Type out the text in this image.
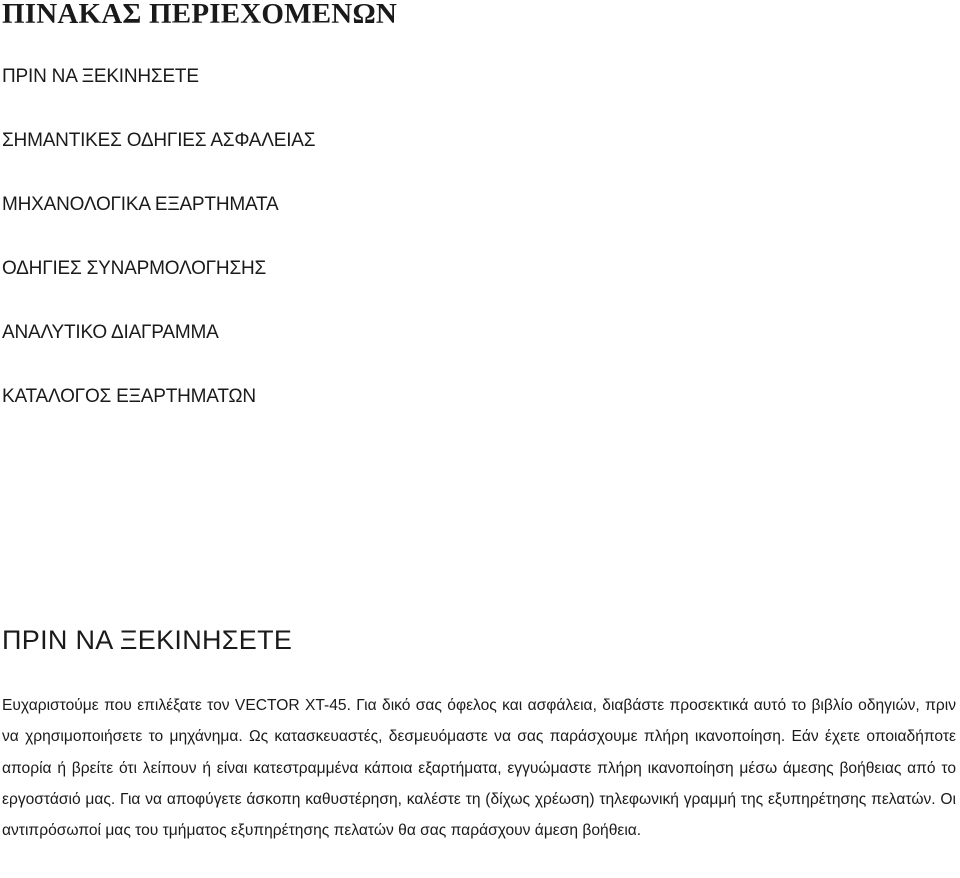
ΠΙΝΑΚΑΣ ΠΕΡΙΕΧΟΜΕΝΩΝ
ΠΡΙΝ ΝΑ ΞΕΚΙΝΗΣΕΤΕ
ΣΗΜΑΝΤΙΚΕΣ ΟΔΗΓΙΕΣ ΑΣΦΑΛΕΙΑΣ
ΜΗΧΑΝΟΛΟΓΙΚΑ ΕΞΑΡΤΗΜΑΤΑ
ΟΔΗΓΙΕΣ ΣΥΝΑΡΜΟΛΟΓΗΣΗΣ
ΑΝΑΛΥΤΙΚΟ ΔΙΑΓΡΑΜΜΑ
ΚΑΤΑΛΟΓΟΣ ΕΞΑΡΤΗΜΑΤΩΝ
ΠΡΙΝ ΝΑ ΞΕΚΙΝΗΣΕΤΕ

Ευχαριστούμε που επιλέξατε τον VECTOR XT-45. Για δικό σας όφελος και ασφάλεια, διαβάστε προσεκτικά αυτό το βιβλίο οδηγιών, πριν να χρησιμοποιήσετε το μηχάνημα. Ως κατασκευαστές, δεσμευόμαστε να σας παράσχουμε πλήρη ικανοποίηση. Εάν έχετε οποιαδήποτε απορία ή βρείτε ότι λείπουν ή είναι κατεστραμμένα κάποια εξαρτήματα, εγγυώμαστε πλήρη ικανοποίηση μέσω άμεσης βοήθειας από το εργοστάσιό μας. Για να αποφύγετε άσκοπη καθυστέρηση, καλέστε τη (δίχως χρέωση) τηλεφωνική γραμμή της εξυπηρέτησης πελατών. Οι αντιπρόσωποί μας του τμήματος εξυπηρέτησης πελατών θα σας παράσχουν άμεση βοήθεια.
